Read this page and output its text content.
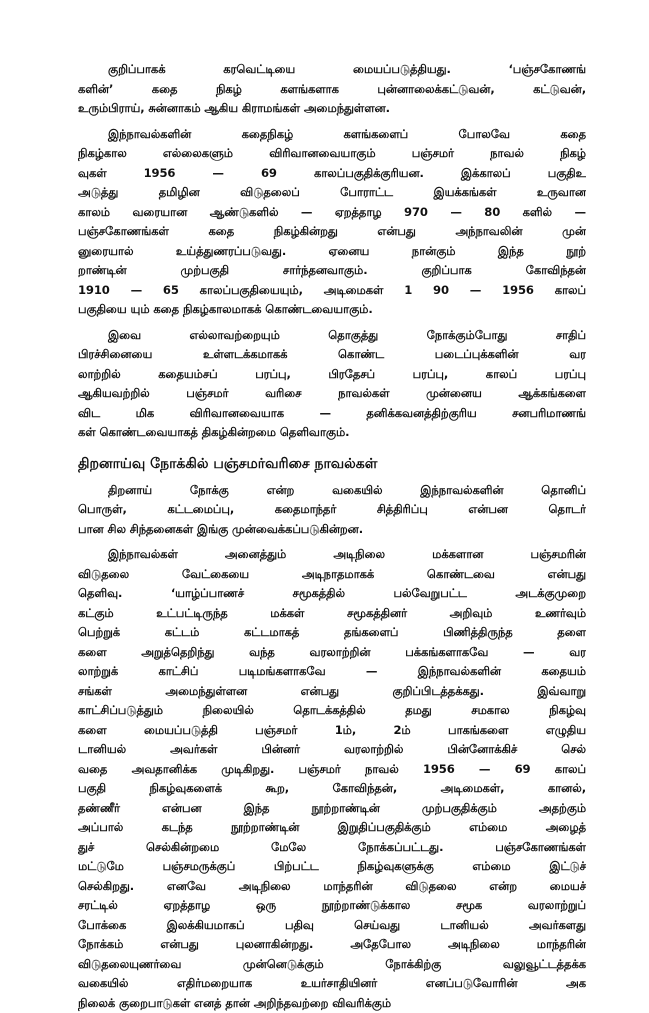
குறிப்பாகக் கரவெட்டியை மையப்படுத்தியது. ‘பஞ்சகோணங்
களின்’ கதை நிகழ் களங்களாக புன்னாலைக்கட்டுவன், கட்டுவன்,
உரும்பிராய், சுன்னாகம் ஆகிய கிராமங்கள் அமைந்துள்ளன.
இந்நாவல்களின் கதைநிகழ் களங்களைப் போலவே கதை
நிகழ்கால எல்லைகளும் விரிவானவையாகும் பஞ்சமர் நாவல் நிகழ்
வுகள் 1956 — 69 காலப்பகுதிக்குரியன. இக்காலப் பகுதிஉ
அடுத்து தமிழின விடுதலைப் போராட்ட இயக்கங்கள் உருவான
காலம் வரையான ஆண்டுகளில் — ஏறத்தாழ 970 — 80 களில் —
பஞ்சகோணங்கள் கதை நிகழ்கின்றது என்பது அந்நாவலின் முன்
னுரையால் உய்த்துணரப்படுவது. ஏனைய நான்கும் இந்த நூற்
றாண்டின் முற்பகுதி சார்ந்தனவாகும். குறிப்பாக கோவிந்தன்
1910 — 65 காலப்பகுதியையும், அடிமைகள் 1 90 — 1956 காலப்
பகுதியை யும் கதை நிகழ்காலமாகக் கொண்டவையாகும்.
இவை எல்லாவற்றையும் தொகுத்து நோக்கும்போது சாதிப்
பிரச்சினையை உள்ளடக்கமாகக் கொண்ட படைப்புக்களின் வர
லாற்றில் கதையம்சப் பரப்பு, பிரதேசப் பரப்பு, காலப் பரப்பு
ஆகியவற்றில் பஞ்சமர் வரிசை நாவல்கள் முன்னைய ஆக்கங்களை
விட மிக விரிவானவையாக — தனிக்கவனத்திற்குரிய சனபரிமாணங்
கள் கொண்டவையாகத் திகழ்கின்றமை தெளிவாகும்.
திறனாய்வு நோக்கில் பஞ்சமர்வரிசை நாவல்கள்
திறனாய் நோக்கு என்ற வகையில் இந்நாவல்களின் தொனிப்
பொருள், கட்டமைப்பு, கதைமாந்தர் சித்திரிப்பு என்பன தொடர்
பான சில சிந்தனைகள் இங்கு முன்வைக்கப்படுகின்றன.
இந்நாவல்கள் அனைத்தும் அடிநிலை மக்களான பஞ்சமரின்
விடுதலை வேட்கையை அடிநாதமாகக் கொண்டவை என்பது
தெளிவு. ‘யாழ்ப்பாணச் சமூகத்தில் பல்வேறுபட்ட அடக்குமுறை
கட்கும் உட்பட்டிருந்த மக்கள் சமூகத்தினர் அறிவும் உணர்வும்
பெற்றுக் கட்டம் கட்டமாகத் தங்களைப் பிணித்திருந்த தளை
களை அறுத்தெறிந்து வந்த வரலாற்றின் பக்கங்களாகவே — வர
லாற்றுக் காட்சிப் படிமங்களாகவே — இந்நாவல்களின் கதையம்
சங்கள் அமைந்துள்ளன என்பது குறிப்பிடத்தக்கது. இவ்வாறு
காட்சிப்படுத்தும் நிலையில் தொடக்கத்தில் தமது சமகால நிகழ்வு
களை மையப்படுத்தி பஞ்சமர் 1ம், 2ம் பாகங்களை எழுதிய
டானியல் அவர்கள் பின்னர் வரலாற்றில் பின்னோக்கிச் செல்
வதை அவதானிக்க முடிகிறது. பஞ்சமர் நாவல் 1956 — 69 காலப்
பகுதி நிகழ்வுகளைக் கூற, கோவிந்தன், அடிமைகள், கானல்,
தண்ணீர் என்பன இந்த நூற்றாண்டின் முற்பகுதிக்கும் அதற்கும்
அப்பால் கடந்த நூற்றாண்டின் இறுதிப்பகுதிக்கும் எம்மை அழைத்
துச் செல்கின்றமை மேலே நோக்கப்பட்டது. பஞ்சகோணங்கள்
மட்டுமே பஞ்சமருக்குப் பிற்பட்ட நிகழ்வுகளுக்கு எம்மை இட்டுச்
செல்கிறது. எனவே அடிநிலை மாந்தரின் விடுதலை என்ற மையச்
சரட்டில் ஏறத்தாழ ஒரு நூற்றாண்டுக்கால சமூக வரலாற்றுப்
போக்கை இலக்கியமாகப் பதிவு செய்வது டானியல் அவர்களது
நோக்கம் என்பது புலனாகின்றது. அதேபோல அடிநிலை மாந்தரின்
விடுதலையுணர்வை முன்னெடுக்கும் நோக்கிற்கு வலுவூட்டத்தக்க
வகையில் எதிர்மறையாக உயர்சாதியினர் எனப்படுவோரின் அக
நிலைக் குறைபாடுகள் எனத் தான் அறிந்தவற்றை விவரிக்கும்
